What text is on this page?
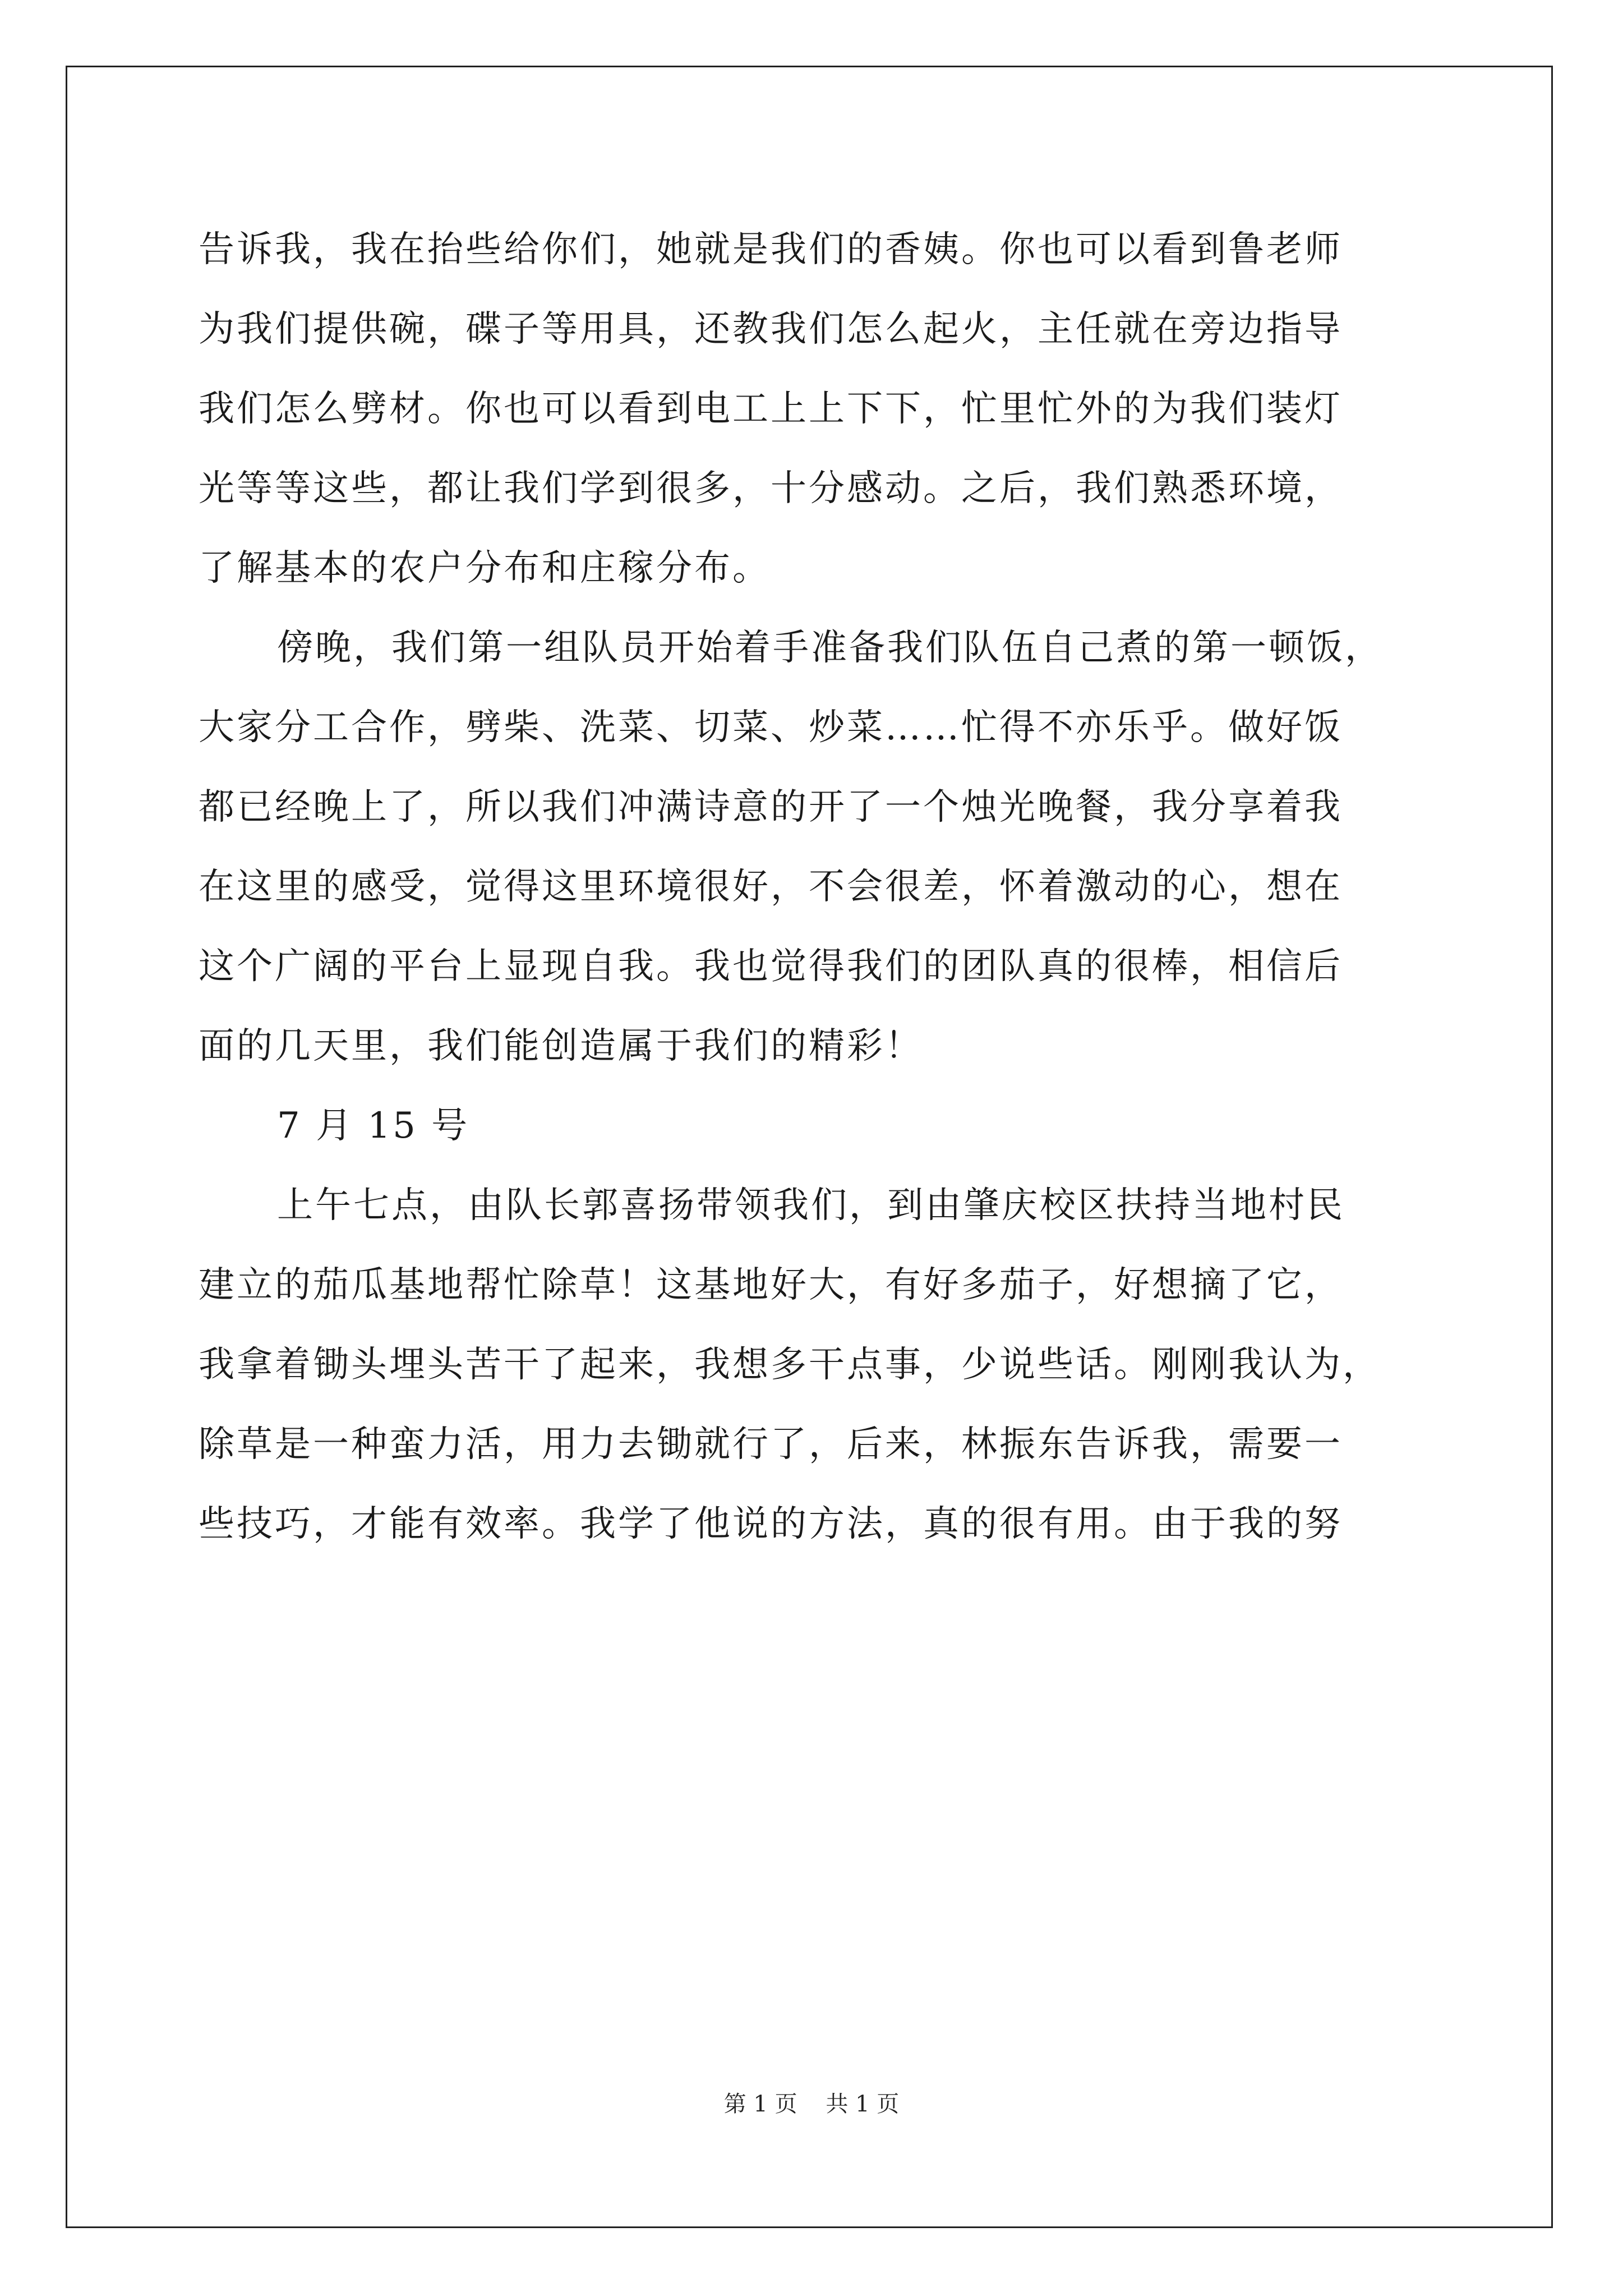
告诉我，我在抬些给你们，她就是我们的香姨。你也可以看到鲁老师
为我们提供碗，碟子等用具，还教我们怎么起火，主任就在旁边指导
我们怎么劈材。你也可以看到电工上上下下，忙里忙外的为我们装灯
光等等这些，都让我们学到很多，十分感动。之后，我们熟悉环境，
了解基本的农户分布和庄稼分布。
傍晚，我们第一组队员开始着手准备我们队伍自己煮的第一顿饭，
大家分工合作，劈柴、洗菜、切菜、炒菜……忙得不亦乐乎。做好饭
都已经晚上了，所以我们冲满诗意的开了一个烛光晚餐，我分享着我
在这里的感受，觉得这里环境很好，不会很差，怀着激动的心，想在
这个广阔的平台上显现自我。我也觉得我们的团队真的很棒，相信后
面的几天里，我们能创造属于我们的精彩！
7 月 15 号
上午七点，由队长郭喜扬带领我们，到由肇庆校区扶持当地村民
建立的茄瓜基地帮忙除草！这基地好大，有好多茄子，好想摘了它，
我拿着锄头埋头苦干了起来，我想多干点事，少说些话。刚刚我认为，
除草是一种蛮力活，用力去锄就行了，后来，林振东告诉我，需要一
些技巧，才能有效率。我学了他说的方法，真的很有用。由于我的努
第 1 页    共 1 页
